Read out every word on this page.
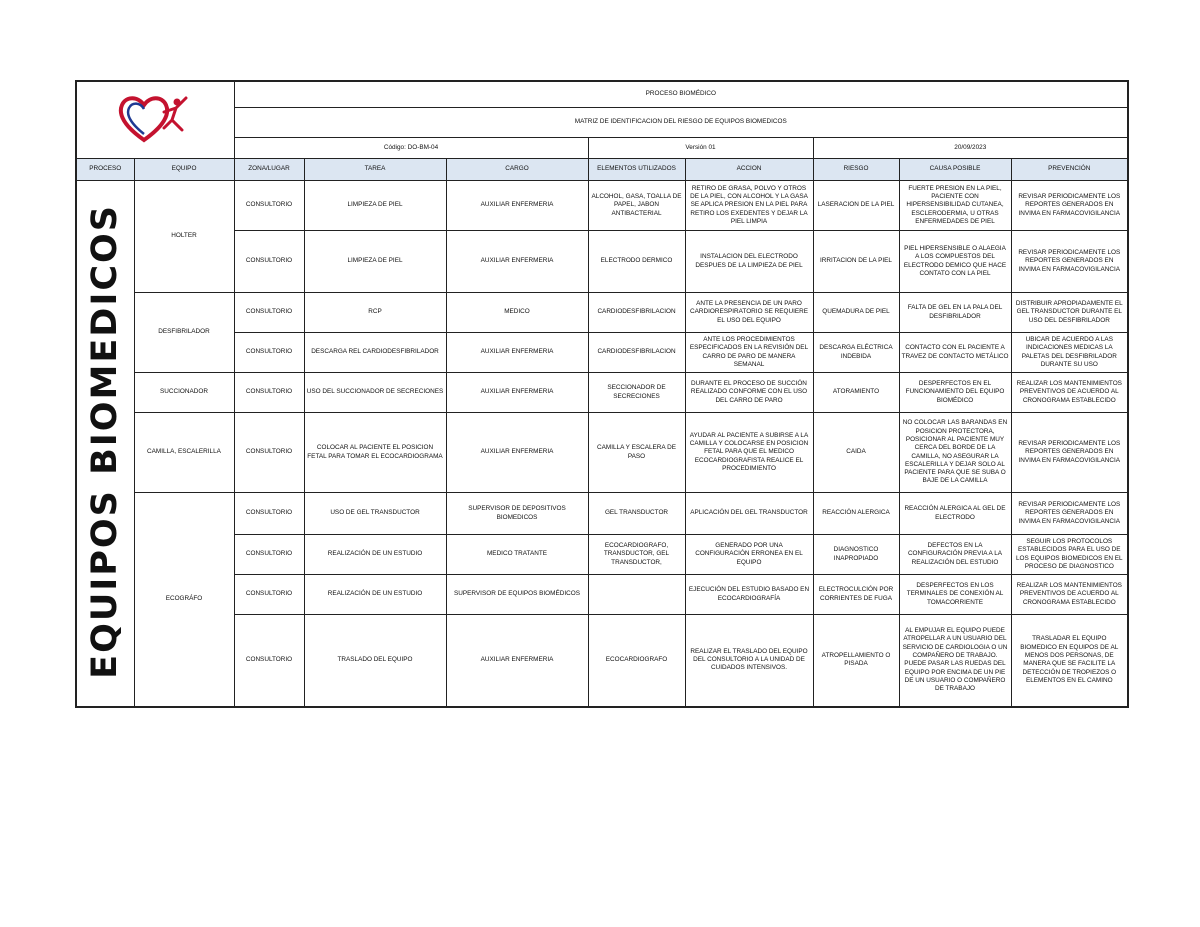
	PROCESO BIOMÉDICO							
		MATRIZ DE IDENTIFICACION DEL RIESGO DE EQUIPOS BIOMEDICOS							
		Código: DO-BM-04			Versión 01		20/09/2023		
PROCESO	EQUIPO	ZONA/LUGAR	TAREA	CARGO	ELEMENTOS UTILIZADOS	ACCION	RIESGO	CAUSA POSIBLE	PREVENCIÓN
EQUIPOS BIOMEDICOS	HOLTER	CONSULTORIO	LIMPIEZA DE PIEL	AUXILIAR ENFERMERIA	ALCOHOL, GASA, TOALLA DE PAPEL, JABON ANTIBACTERIAL	RETIRO DE GRASA, POLVO Y OTROS DE LA PIEL, CON ALCOHOL Y LA GASA SE APLICA PRESION EN LA PIEL PARA RETIRO LOS EXEDENTES Y DEJAR LA PIEL LIMPIA	LASERACION DE LA PIEL	FUERTE PRESION EN LA PIEL, PACIENTE CON HIPERSENSIBILIDAD CUTANEA, ESCLERODERMIA, U OTRAS ENFERMEDADES DE PIEL	REVISAR PERIODICAMENTE LOS REPORTES GENERADOS EN INVIMA EN FARMACOVIGILANCIA
		CONSULTORIO	LIMPIEZA DE PIEL	AUXILIAR ENFERMERIA	ELECTRODO DERMICO	INSTALACION DEL ELECTRODO DESPUES DE LA LIMPIEZA DE PIEL	IRRITACION DE LA PIEL	PIEL HIPERSENSIBLE O ALAEGIA A LOS COMPUESTOS DEL ELECTRODO DEMICO QUE HACE CONTATO CON LA PIEL	REVISAR PERIODICAMENTE LOS REPORTES GENERADOS EN INVIMA EN FARMACOVIGILANCIA
	DESFIBRILADOR	CONSULTORIO	RCP	MEDICO	CARDIODESFIBRILACION	ANTE LA PRESENCIA DE UN PARO CARDIORESPIRATORIO SE REQUIERE EL USO DEL EQUIPO	QUEMADURA DE PIEL	FALTA DE GEL EN LA PALA DEL DESFIBRILADOR	DISTRIBUIR APROPIADAMENTE EL GEL TRANSDUCTOR DURANTE EL USO DEL DESFIBRILADOR
		CONSULTORIO	DESCARGA REL CARDIODESFIBRILADOR	AUXILIAR ENFERMERIA	CARDIODESFIBRILACION	ANTE LOS PROCEDIMIENTOS ESPECIFICADOS EN LA REVISIÓN DEL CARRO DE PARO DE MANERA SEMANAL	DESCARGA ELÉCTRICA INDEBIDA	CONTACTO CON EL PACIENTE A TRAVEZ DE CONTACTO METÁLICO	UBICAR DE ACUERDO A LAS INDICACIONES MEDICAS LA PALETAS DEL DESFIBRILADOR DURANTE SU USO
	SUCCIONADOR	CONSULTORIO	USO DEL SUCCIONADOR DE SECRECIONES	AUXILIAR ENFERMERIA	SECCIONADOR DE SECRECIONES	DURANTE EL PROCESO DE SUCCIÓN REALIZADO CONFORME CON EL USO DEL CARRO DE PARO	ATORAMIENTO	DESPERFECTOS EN EL FUNCIONAMIENTO DEL EQUIPO BIOMÉDICO	REALIZAR LOS MANTENIMIENTOS PREVENTIVOS DE ACUERDO AL CRONOGRAMA ESTABLECIDO
	CAMILLA, ESCALERILLA	CONSULTORIO	COLOCAR AL PACIENTE EL POSICION FETAL PARA TOMAR EL ECOCARDIOGRAMA	AUXILIAR ENFERMERIA	CAMILLA Y ESCALERA DE PASO	AYUDAR AL PACIENTE A SUBIRSE A LA CAMILLA Y COLOCARSE EN POSICION FETAL PARA QUE EL MEDICO ECOCARDIOGRAFISTA REALICE EL PROCEDIMIENTO	CAIDA	NO COLOCAR LAS BARANDAS EN POSICION PROTECTORA, POSICIONAR AL PACIENTE MUY CERCA DEL BORDE DE LA CAMILLA, NO ASEGURAR LA ESCALERILLA Y DEJAR SOLO AL PACIENTE PARA QUE SE SUBA O BAJE DE LA CAMILLA	REVISAR PERIODICAMENTE LOS REPORTES GENERADOS EN INVIMA EN FARMACOVIGILANCIA
	ECOGRÁFO	CONSULTORIO	USO DE GEL TRANSDUCTOR	SUPERVISOR DE DEPOSITIVOS BIOMEDICOS	GEL TRANSDUCTOR	APLICACIÓN DEL GEL TRANSDUCTOR	REACCIÓN ALERGICA	REACCIÓN ALERGICA AL GEL DE ELECTRODO	REVISAR PERIODICAMENTE LOS REPORTES GENERADOS EN INVIMA EN FARMACOVIGILANCIA
		CONSULTORIO	REALIZACIÓN DE UN ESTUDIO	MEDICO TRATANTE	ECOCARDIOGRAFO, TRANSDUCTOR, GEL TRANSDUCTOR,	GENERADO POR UNA CONFIGURACIÓN ERRONEA EN EL EQUIPO	DIAGNOSTICO INAPROPIADO	DEFECTOS EN LA CONFIGURACIÓN PREVIA A LA REALIZACIÓN DEL ESTUDIO	SEGUIR LOS PROTOCOLOS ESTABLECIDOS PARA EL USO DE LOS EQUIPOS BIOMEDICOS EN EL PROCESO DE DIAGNOSTICO
		CONSULTORIO	REALIZACIÓN DE UN ESTUDIO	SUPERVISOR DE EQUIPOS BIOMÉDICOS		EJECUCIÓN DEL ESTUDIO BASADO EN ECOCARDIOGRAFÍA	ELECTROCULCIÓN POR CORRIENTES DE FUGA	DESPERFECTOS EN LOS TERMINALES DE CONEXIÓN AL TOMACORRIENTE	REALIZAR LOS MANTENIMIENTOS PREVENTIVOS DE ACUERDO AL CRONOGRAMA ESTABLECIDO
		CONSULTORIO	TRASLADO DEL EQUIPO	AUXILIAR ENFERMERIA	ECOCARDIOGRAFO	REALIZAR EL TRASLADO DEL EQUIPO DEL CONSULTORIO A LA UNIDAD DE CUIDADOS INTENSIVOS.	ATROPELLAMIENTO O PISADA	AL EMPUJAR EL EQUIPO PUEDE ATROPELLAR A UN USUARIO DEL SERVICIO DE CARDIOLOGIA O UN COMPAÑERO DE TRABAJO. PUEDE PASAR LAS RUEDAS DEL EQUIPO POR ENCIMA DE UN PIE DE UN USUARIO O COMPAÑERO DE TRABAJO	TRASLADAR EL EQUIPO BIOMEDICO EN EQUIPOS DE AL MENOS DOS PERSONAS, DE MANERA QUE SE FACILITE LA DETECCIÓN DE TROPIEZOS O ELEMENTOS EN EL CAMINO
